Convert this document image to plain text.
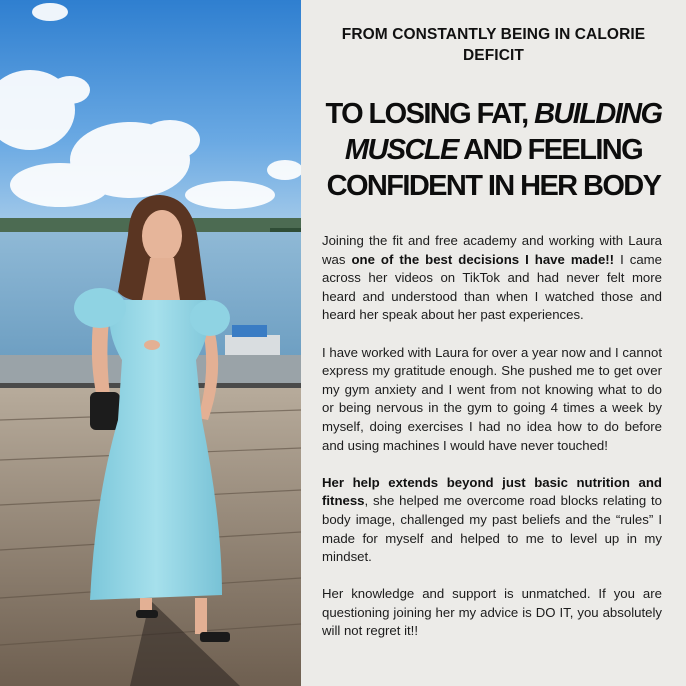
FROM CONSTANTLY BEING IN CALORIE DEFICIT
TO LOSING FAT, BUILDING MUSCLE AND FEELING CONFIDENT IN HER BODY

Joining the fit and free academy and working with Laura was one of the best decisions I have made!! I came across her videos on TikTok and had never felt more heard and understood than when I watched those and heard her speak about her past experiences.

I have worked with Laura for over a year now and I cannot express my gratitude enough. She pushed me to get over my gym anxiety and I went from not knowing what to do or being nervous in the gym to going 4 times a week by myself, doing exercises I had no idea how to do before and using machines I would have never touched!

Her help extends beyond just basic nutrition and fitness, she helped me overcome road blocks relating to body image, challenged my past beliefs and the “rules” I made for myself and helped to me to level up in my mindset.

Her knowledge and support is unmatched. If you are questioning joining her my advice is DO IT, you absolutely will not regret it!!
